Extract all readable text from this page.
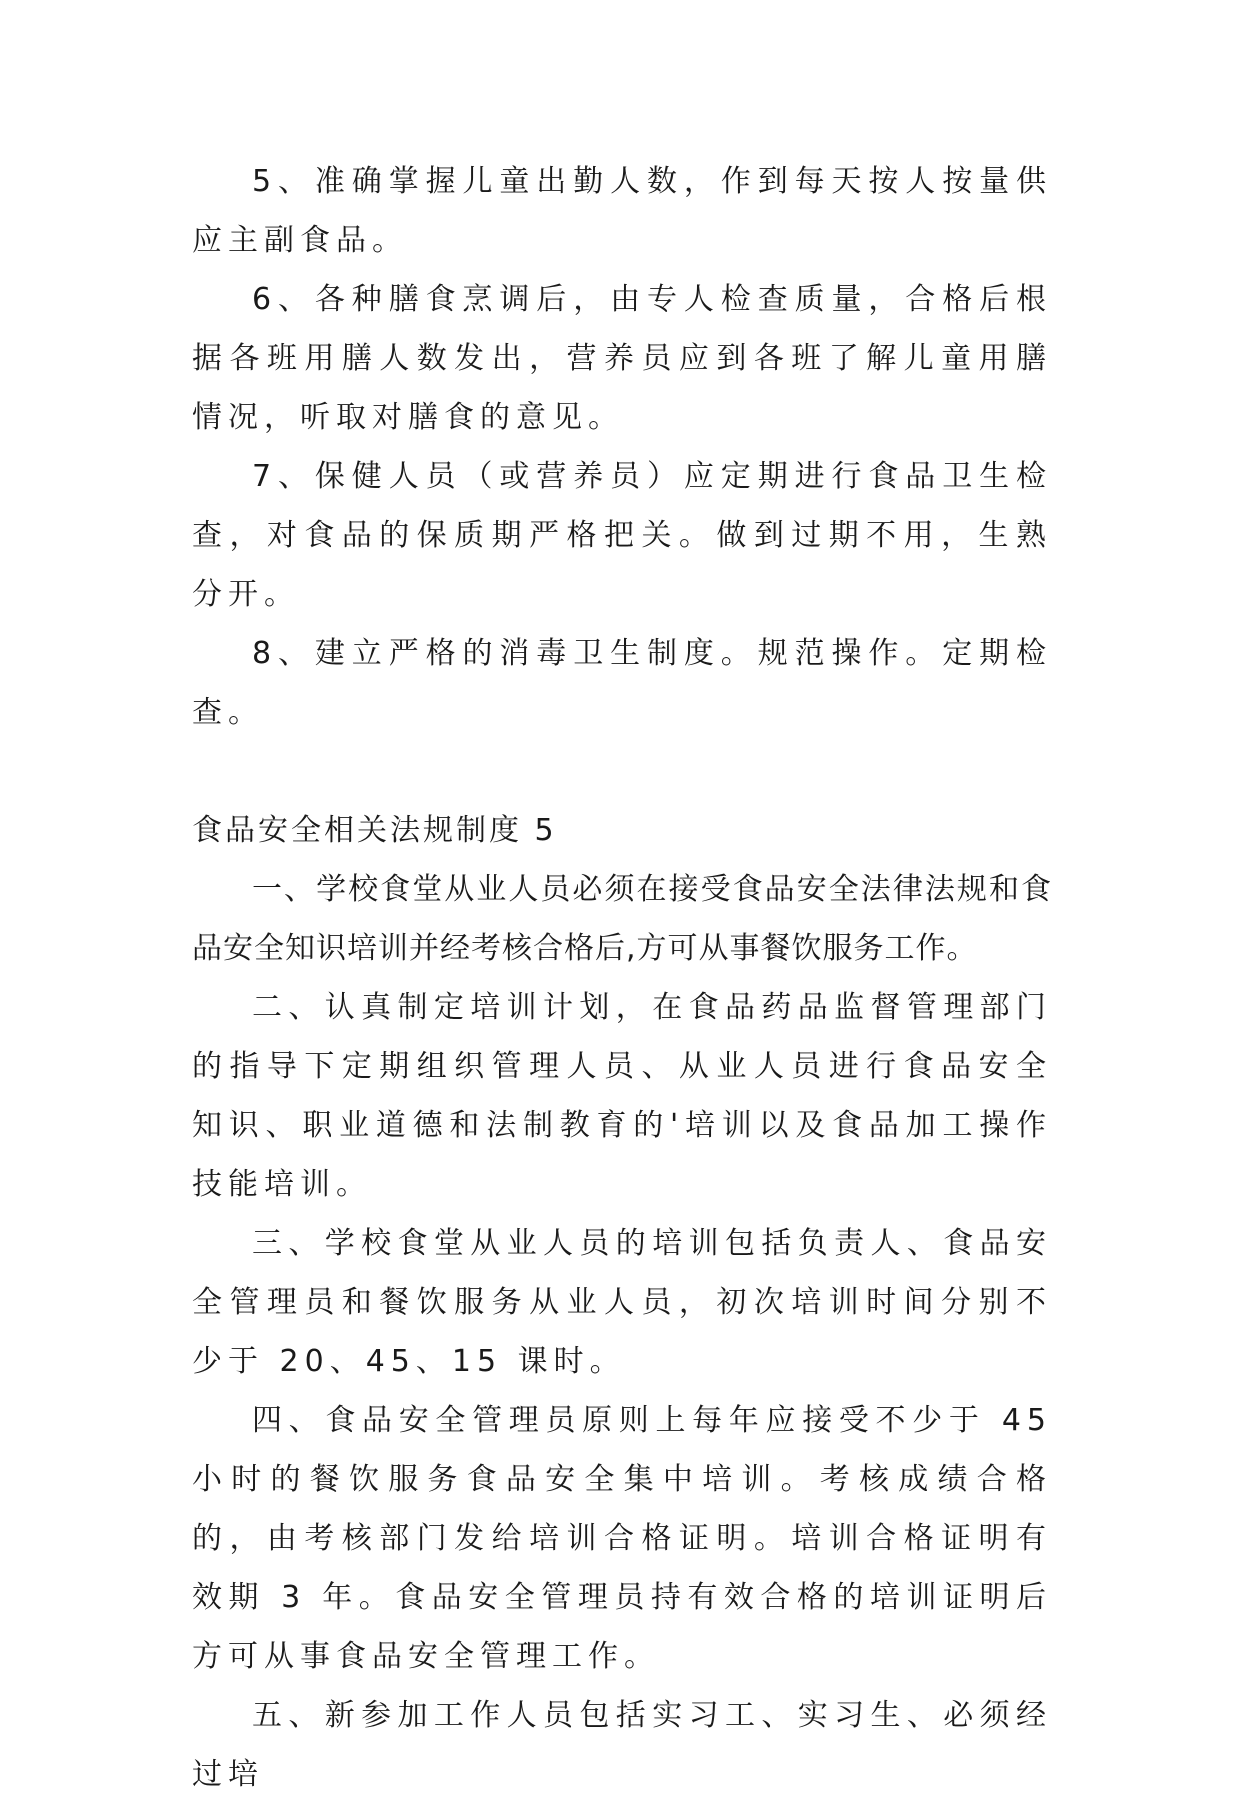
5、准确掌握儿童出勤人数，作到每天按人按量供应主副食品。

6、各种膳食烹调后，由专人检查质量，合格后根据各班用膳人数发出，营养员应到各班了解儿童用膳情况，听取对膳食的意见。

7、保健人员（或营养员）应定期进行食品卫生检查，对食品的保质期严格把关。做到过期不用，生熟分开。

8、建立严格的消毒卫生制度。规范操作。定期检查。

食品安全相关法规制度 5

一、学校食堂从业人员必须在接受食品安全法律法规和食品安全知识培训并经考核合格后,方可从事餐饮服务工作。

二、认真制定培训计划，在食品药品监督管理部门的指导下定期组织管理人员、从业人员进行食品安全知识、职业道德和法制教育的'培训以及食品加工操作技能培训。

三、学校食堂从业人员的培训包括负责人、食品安全管理员和餐饮服务从业人员，初次培训时间分别不少于 20、45、15 课时。

四、食品安全管理员原则上每年应接受不少于 45 小时的餐饮服务食品安全集中培训。考核成绩合格的，由考核部门发给培训合格证明。培训合格证明有效期 3 年。食品安全管理员持有效合格的培训证明后方可从事食品安全管理工作。

五、新参加工作人员包括实习工、实习生、必须经过培
